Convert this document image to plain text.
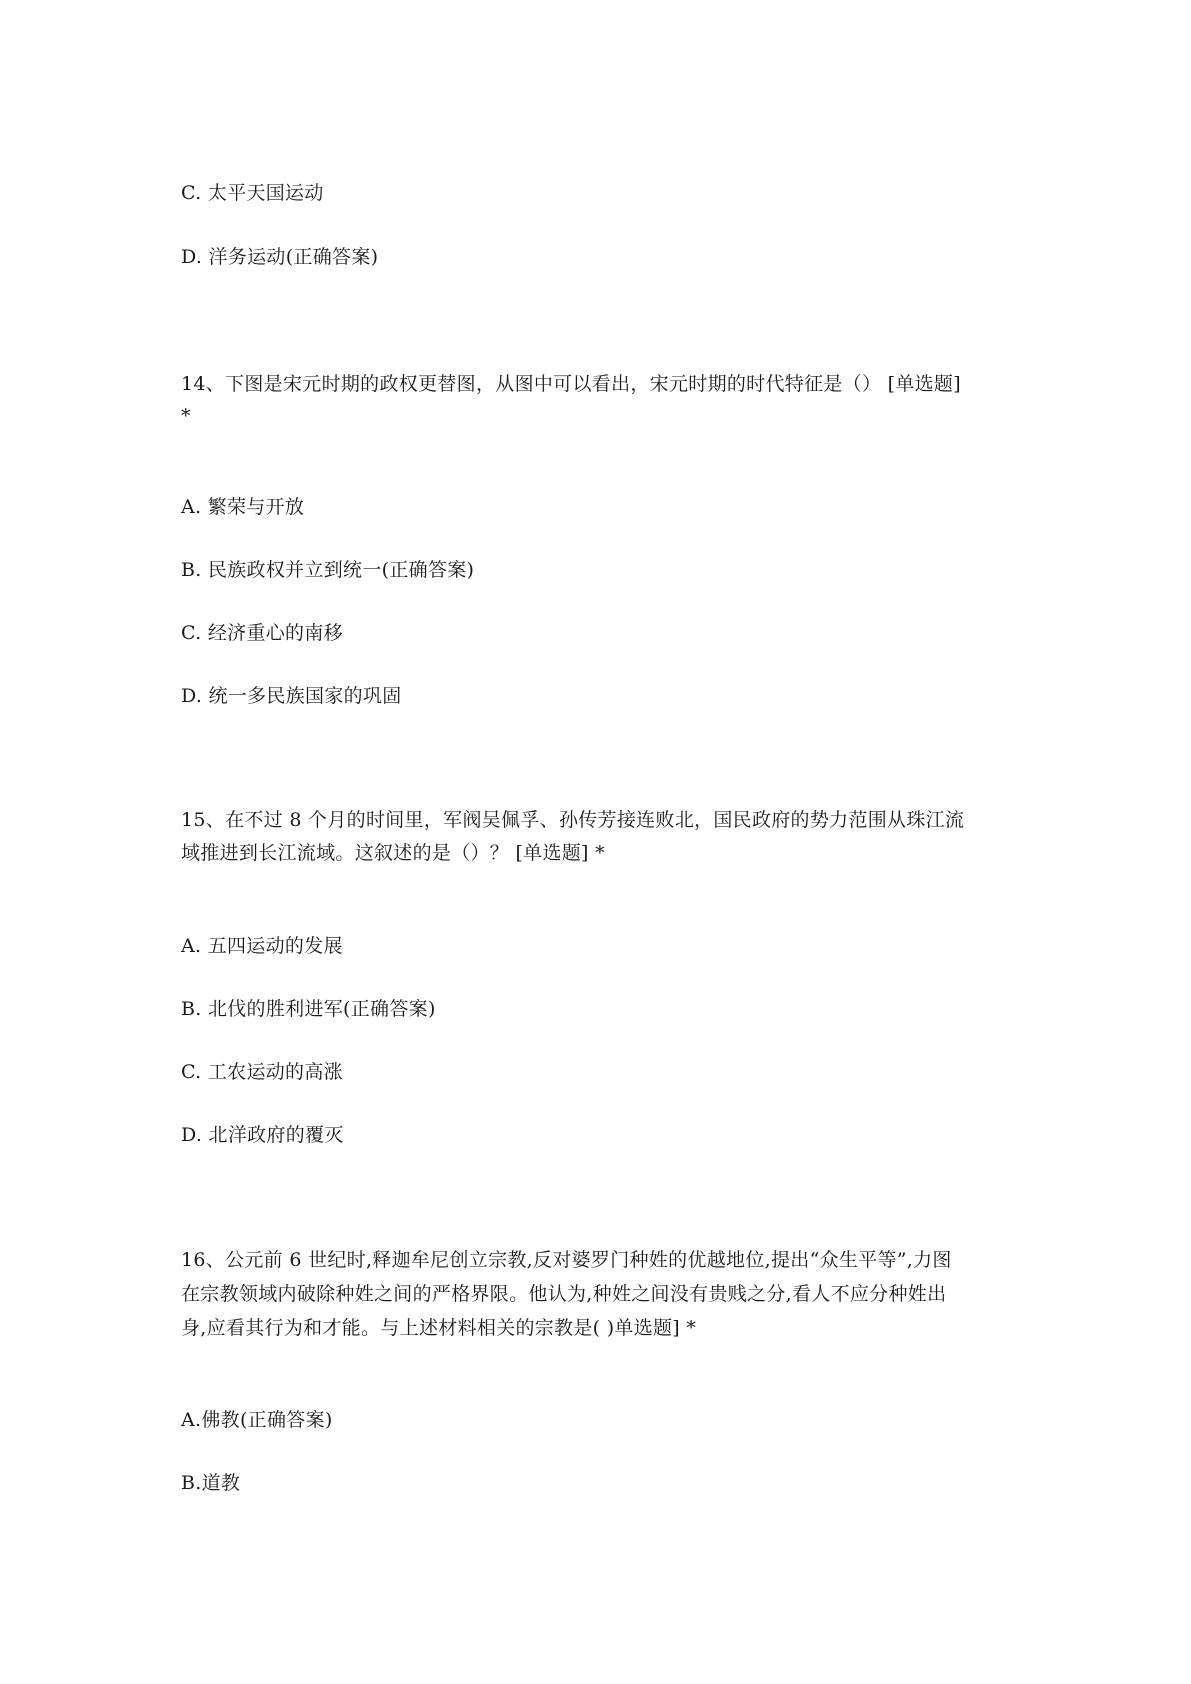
C. 太平天国运动

D. 洋务运动(正确答案)

14、下图是宋元时期的政权更替图，从图中可以看出，宋元时期的时代特征是（） [单选题]

*

A. 繁荣与开放

B. 民族政权并立到统一(正确答案)

C. 经济重心的南移

D. 统一多民族国家的巩固

15、在不过 8 个月的时间里，军阀吴佩孚、孙传芳接连败北，国民政府的势力范围从珠江流

域推进到长江流域。这叙述的是（）？ [单选题] *

A. 五四运动的发展

B. 北伐的胜利进军(正确答案)

C. 工农运动的高涨

D. 北洋政府的覆灭

16、公元前 6 世纪时,释迦牟尼创立宗教,反对婆罗门种姓的优越地位,提出“众生平等”,力图

在宗教领域内破除种姓之间的严格界限。他认为,种姓之间没有贵贱之分,看人不应分种姓出

身,应看其行为和才能。与上述材料相关的宗教是( )单选题] *

A.佛教(正确答案)

B.道教
